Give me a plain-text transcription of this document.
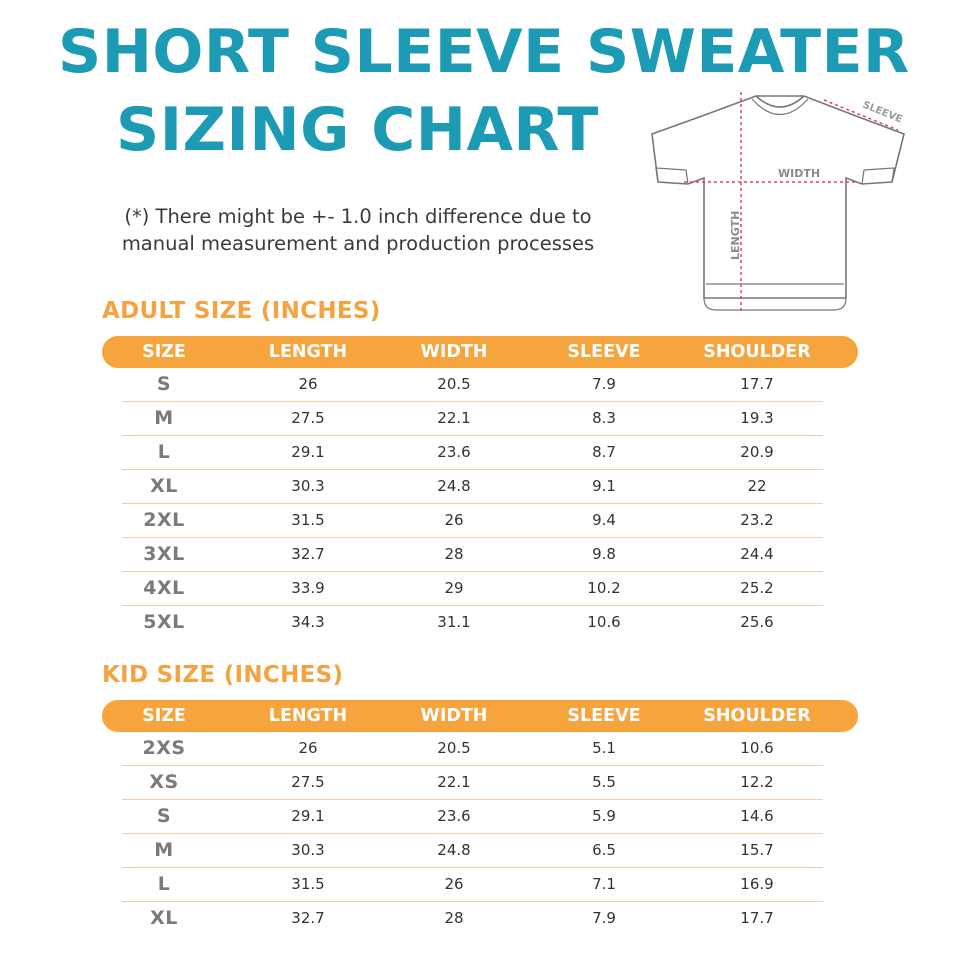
SHORT SLEEVE SWEATER
SIZING CHART
(*) There might be +- 1.0 inch difference due to
manual measurement and production processes
WIDTH
LENGTH
SLEEVE
ADULT SIZE (INCHES)
SIZE	LENGTH	WIDTH	SLEEVE	SHOULDER
S	26	20.5	7.9	17.7
M	27.5	22.1	8.3	19.3
L	29.1	23.6	8.7	20.9
XL	30.3	24.8	9.1	22
2XL	31.5	26	9.4	23.2
3XL	32.7	28	9.8	24.4
4XL	33.9	29	10.2	25.2
5XL	34.3	31.1	10.6	25.6
KID SIZE (INCHES)
SIZE	LENGTH	WIDTH	SLEEVE	SHOULDER
2XS	26	20.5	5.1	10.6
XS	27.5	22.1	5.5	12.2
S	29.1	23.6	5.9	14.6
M	30.3	24.8	6.5	15.7
L	31.5	26	7.1	16.9
XL	32.7	28	7.9	17.7
